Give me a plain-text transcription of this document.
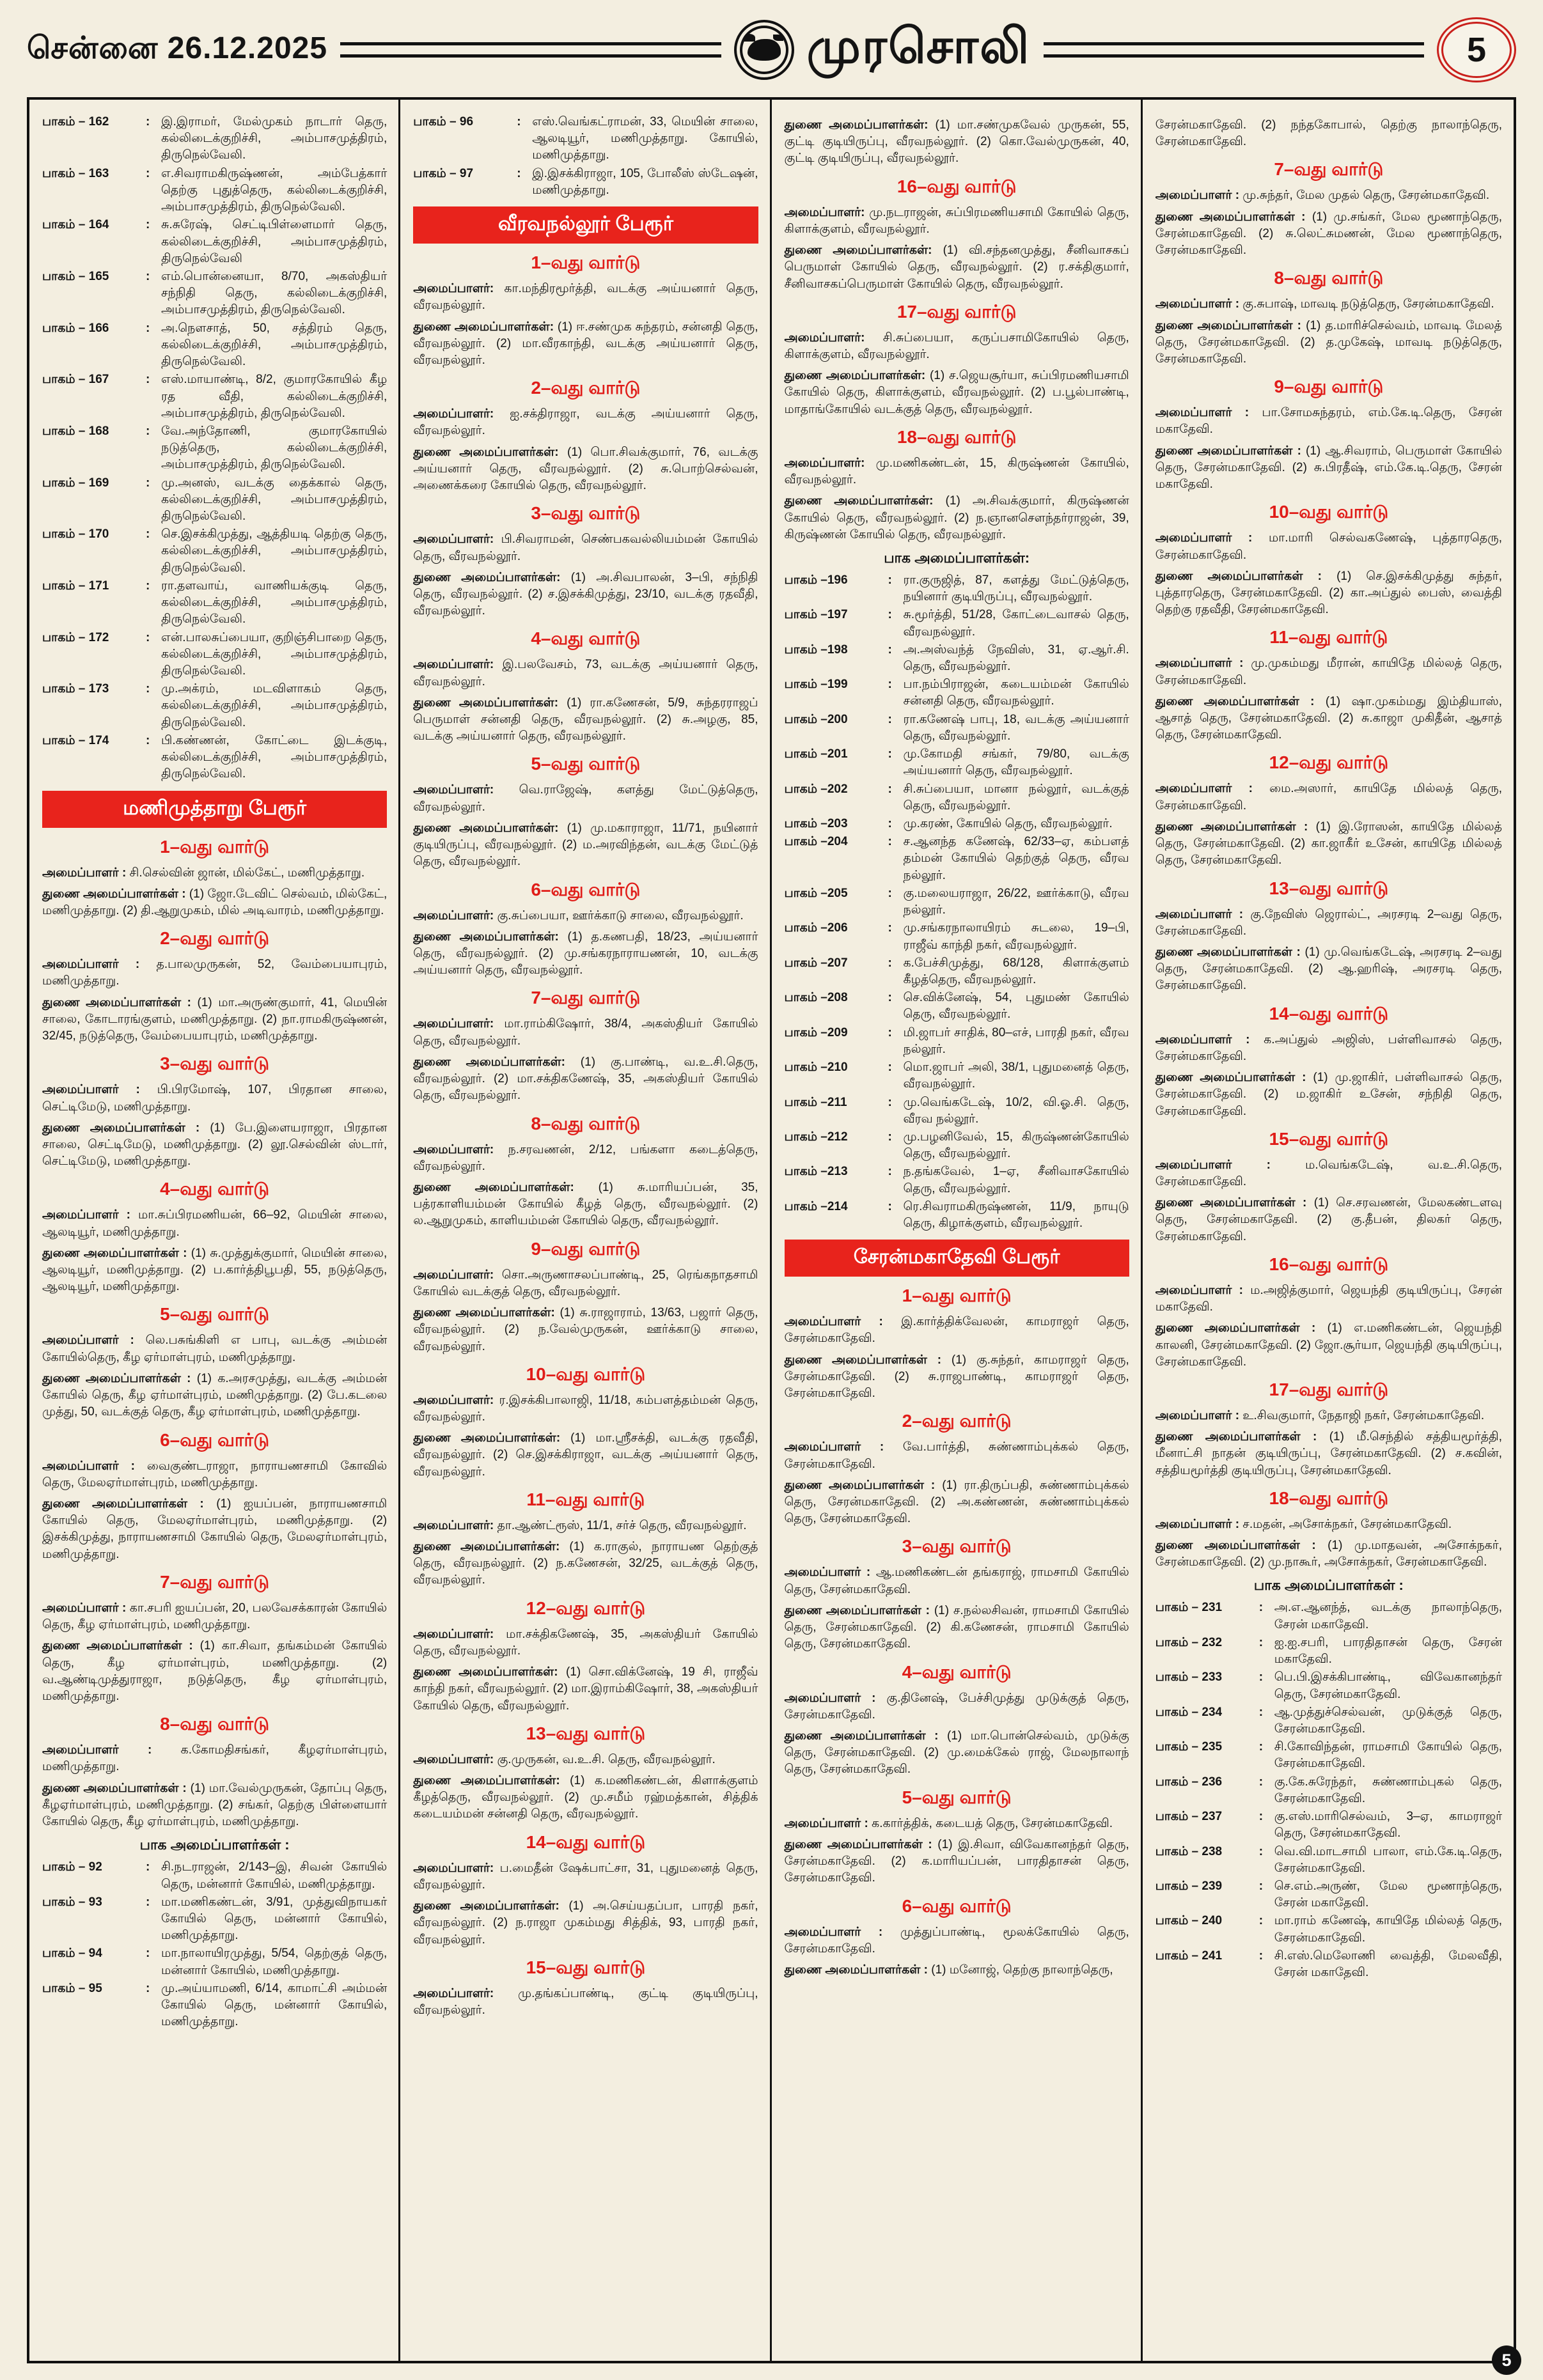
சென்னை 26.12.2025	முரசொலி	5
பாகம் – 162	: இ.இராமர், மேல்முகம் நாடார் தெரு, கல்லிடைக்குறிச்சி, அம்பாசமுத்திரம், திருநெல்வேலி.
பாகம் – 163	: எ.சிவராமகிருஷ்ணன், அம்பேத்கார் தெற்கு புதுத்தெரு, கல்லிடைக்குறிச்சி, அம்பாசமுத்திரம், திருநெல்வேலி.
பாகம் – 164	: சு.சுரேஷ், செட்டிபிள்ளைமார் தெரு, கல்லிடைக்குறிச்சி, அம்பாசமுத்திரம், திருநெல்வேலி
பாகம் – 165	: எம்.பொன்னையா, 8/70, அகஸ்தியர் சந்நிதி தெரு, கல்லிடைக்குறிச்சி, அம்பாசமுத்திரம், திருநெல்வேலி.
பாகம் – 166	: அ.நௌசாத், 50, சத்திரம் தெரு, கல்லிடைக்குறிச்சி, அம்பாசமுத்திரம், திருநெல்வேலி.
பாகம் – 167	: எஸ்.மாயாண்டி, 8/2, குமாரகோயில் கீழ ரத வீதி, கல்லிடைக்குறிச்சி, அம்பாசமுத்திரம், திருநெல்வேலி.
பாகம் – 168	: வே.அந்தோணி, குமாரகோயில் நடுத்தெரு, கல்லிடைக்குறிச்சி, அம்பாசமுத்திரம், திருநெல்வேலி.
பாகம் – 169	: மு.அனஸ், வடக்கு தைக்கால் தெரு, கல்லிடைக்குறிச்சி, அம்பாசமுத்திரம், திருநெல்வேலி.
பாகம் – 170	: செ.இசக்கிமுத்து, ஆத்தியடி தெற்கு தெரு, கல்லிடைக்குறிச்சி, அம்பாசமுத்திரம், திருநெல்வேலி.
பாகம் – 171	: ரா.தளவாய், வாணியக்குடி தெரு, கல்லிடைக்குறிச்சி, அம்பாசமுத்திரம், திருநெல்வேலி.
பாகம் – 172	: என்.பாலசுப்பையா, குறிஞ்சிபாறை தெரு, கல்லிடைக்குறிச்சி, அம்பாசமுத்திரம், திருநெல்வேலி.
பாகம் – 173	: மு.அக்ரம், மடவிளாகம் தெரு, கல்லிடைக்குறிச்சி, அம்பாசமுத்திரம், திருநெல்வேலி.
பாகம் – 174	: பி.கண்ணன், கோட்டை இடக்குடி, கல்லிடைக்குறிச்சி, அம்பாசமுத்திரம், திருநெல்வேலி.
மணிமுத்தாறு பேரூர்
1–வது வார்டு

அமைப்பாளர் : சி.செல்வின் ஜான், மில்கேட், மணிமுத்தாறு.

துணை அமைப்பாளர்கள் : (1) ஜோ.டேவிட் செல்வம், மில்கேட், மணிமுத்தாறு. (2) தி.ஆறுமுகம், மில் அடிவாரம், மணிமுத்தாறு.

2–வது வார்டு

அமைப்பாளர் : த.பாலமுருகன், 52, வேம்பையாபுரம், மணிமுத்தாறு.

துணை அமைப்பாளர்கள் : (1) மா.அருண்குமார், 41, மெயின் சாலை, கோடாரங்குளம், மணிமுத்தாறு. (2) நா.ராமகிருஷ்ணன், 32/45, நடுத்தெரு, வேம்பையாபுரம், மணிமுத்தாறு.

3–வது வார்டு

அமைப்பாளர் : பி.பிரமோஷ், 107, பிரதான சாலை, செட்டிமேடு, மணிமுத்தாறு.

துணை அமைப்பாளர்கள் : (1) பே.இளையராஜா, பிரதான சாலை, செட்டிமேடு, மணிமுத்தாறு. (2) லூ.செல்வின் ஸ்டார், செட்டிமேடு, மணிமுத்தாறு.

4–வது வார்டு

அமைப்பாளர் : மா.சுப்பிரமணியன், 66–92, மெயின் சாலை, ஆலடியூர், மணிமுத்தாறு.

துணை அமைப்பாளர்கள் : (1) சு.முத்துக்குமார், மெயின் சாலை, ஆலடியூர், மணிமுத்தாறு. (2) ப.கார்த்திபூபதி, 55, நடுத்தெரு, ஆலடியூர், மணிமுத்தாறு.

5–வது வார்டு

அமைப்பாளர் : லெ.பசுங்கிளி எ பாபு, வடக்கு அம்மன் கோயில்தெரு, கீழ ஏர்மாள்புரம், மணிமுத்தாறு.

துணை அமைப்பாளர்கள் : (1) க.அரசமுத்து, வடக்கு அம்மன் கோயில் தெரு, கீழ ஏர்மாள்புரம், மணிமுத்தாறு. (2) பே.கடலை முத்து, 50, வடக்குத் தெரு, கீழ ஏர்மாள்புரம், மணிமுத்தாறு.

6–வது வார்டு

அமைப்பாளர் : வைகுண்டராஜா, நாராயணசாமி கோவில் தெரு, மேலஏர்மாள்புரம், மணிமுத்தாறு.

துணை அமைப்பாளர்கள் : (1) ஐயப்பன், நாராயணசாமி கோயில் தெரு, மேலஏர்மாள்புரம், மணிமுத்தாறு. (2) இசக்கிமுத்து, நாராயணசாமி கோயில் தெரு, மேலஏர்மாள்புரம், மணிமுத்தாறு.

7–வது வார்டு

அமைப்பாளர் : கா.சபரி ஐயப்பன், 20, பலவேசக்காரன் கோயில் தெரு, கீழ ஏர்மாள்புரம், மணிமுத்தாறு.

துணை அமைப்பாளர்கள் : (1) கா.சிவா, தங்கம்மன் கோயில் தெரு, கீழ ஏர்மாள்புரம், மணிமுத்தாறு. (2) வ.ஆண்டிமுத்துராஜா, நடுத்தெரு, கீழ ஏர்மாள்புரம், மணிமுத்தாறு.

8–வது வார்டு

அமைப்பாளர் : க.கோமதிசங்கர், கீழஏர்மாள்புரம், மணிமுத்தாறு.

துணை அமைப்பாளர்கள் : (1) மா.வேல்முருகன், தோப்பு தெரு, கீழஏர்மாள்புரம், மணிமுத்தாறு. (2) சங்கர், தெற்கு பிள்ளையார் கோயில் தெரு, கீழ ஏர்மாள்புரம், மணிமுத்தாறு.

பாக அமைப்பாளர்கள் :
பாகம் – 92	: சி.நடராஜன், 2/143–இ, சிவன் கோயில் தெரு, மன்னார் கோயில், மணிமுத்தாறு.
பாகம் – 93	: மா.மணிகண்டன், 3/91, முத்துவிநாயகர் கோயில் தெரு, மன்னார் கோயில், மணிமுத்தாறு.
பாகம் – 94	: மா.நாலாயிரமுத்து, 5/54, தெற்குத் தெரு, மன்னார் கோயில், மணிமுத்தாறு.
பாகம் – 95	: மு.அய்யாமணி, 6/14, காமாட்சி அம்மன் கோயில் தெரு, மன்னார் கோயில், மணிமுத்தாறு.
பாகம் – 96	: எஸ்.வெங்கட்ராமன், 33, மெயின் சாலை, ஆலடியூர், மணிமுத்தாறு. கோயில், மணிமுத்தாறு.
பாகம் – 97	: இ.இசக்கிராஜா, 105, போலீஸ் ஸ்டேஷன், மணிமுத்தாறு.
வீரவநல்லூர் பேரூர்
1–வது வார்டு

அமைப்பாளர்: கா.மந்திரமூர்த்தி, வடக்கு அய்யனார் தெரு, வீரவநல்லூர்.

துணை அமைப்பாளர்கள்: (1) ஈ.சண்முக சுந்தரம், சன்னதி தெரு, வீரவநல்லூர். (2) மா.வீரகாந்தி, வடக்கு அய்யனார் தெரு, வீரவநல்லூர்.

2–வது வார்டு

அமைப்பாளர்: ஐ.சக்திராஜா, வடக்கு அய்யனார் தெரு, வீரவநல்லூர்.

துணை அமைப்பாளர்கள்: (1) பொ.சிவக்குமார், 76, வடக்கு அய்யனார் தெரு, வீரவநல்லூர். (2) சு.பொற்செல்வன், அணைக்கரை கோயில் தெரு, வீரவநல்லூர்.

3–வது வார்டு

அமைப்பாளர்: பி.சிவராமன், செண்பகவல்லியம்மன் கோயில் தெரு, வீரவநல்லூர்.

துணை அமைப்பாளர்கள்: (1) அ.சிவபாலன், 3–பி, சந்நிதி தெரு, வீரவநல்லூர். (2) ச.இசக்கிமுத்து, 23/10, வடக்கு ரதவீதி, வீரவநல்லூர்.

4–வது வார்டு

அமைப்பாளர்: இ.பலவேசம், 73, வடக்கு அய்யனார் தெரு, வீரவநல்லூர்.

துணை அமைப்பாளர்கள்: (1) ரா.கணேசன், 5/9, சுந்தரராஜப் பெருமாள் சன்னதி தெரு, வீரவநல்லூர். (2) சு.அழகு, 85, வடக்கு அய்யனார் தெரு, வீரவநல்லூர்.

5–வது வார்டு

அமைப்பாளர்: வெ.ராஜேஷ், களத்து மேட்டுத்தெரு, வீரவநல்லூர்.

துணை அமைப்பாளர்கள்: (1) மு.மகாராஜா, 11/71, நயினார் குடியிருப்பு, வீரவநல்லூர். (2) ம.அரவிந்தன், வடக்கு மேட்டுத் தெரு, வீரவநல்லூர்.

6–வது வார்டு

அமைப்பாளர்: கு.சுப்பையா, ஊர்க்காடு சாலை, வீரவநல்லூர்.

துணை அமைப்பாளர்கள்: (1) த.கணபதி, 18/23, அய்யனார் தெரு, வீரவநல்லூர். (2) மு.சங்கரநாராயணன், 10, வடக்கு அய்யனார் தெரு, வீரவநல்லூர்.

7–வது வார்டு

அமைப்பாளர்: மா.ராம்கிஷோர், 38/4, அகஸ்தியர் கோயில் தெரு, வீரவநல்லூர்.

துணை அமைப்பாளர்கள்: (1) கு.பாண்டி, வ.உ.சி.தெரு, வீரவநல்லூர். (2) மா.சக்திகணேஷ், 35, அகஸ்தியர் கோயில் தெரு, வீரவநல்லூர்.

8–வது வார்டு

அமைப்பாளர்: ந.சரவணன், 2/12, பங்களா கடைத்தெரு, வீரவநல்லூர்.

துணை அமைப்பாளர்கள்: (1) சு.மாரியப்பன், 35, பத்ரகாளியம்மன் கோயில் கீழத் தெரு, வீரவநல்லூர். (2) ல.ஆறுமுகம், காளியம்மன் கோயில் தெரு, வீரவநல்லூர்.

9–வது வார்டு

அமைப்பாளர்: சொ.அருணாசலப்பாண்டி, 25, ரெங்கநாதசாமி கோயில் வடக்குத் தெரு, வீரவநல்லூர்.

துணை அமைப்பாளர்கள்: (1) சு.ராஜாராம், 13/63, பஜார் தெரு, வீரவநல்லூர். (2) ந.வேல்முருகன், ஊர்க்காடு சாலை, வீரவநல்லூர்.

10–வது வார்டு

அமைப்பாளர்: ர.இசக்கிபாலாஜி, 11/18, கம்பளத்தம்மன் தெரு, வீரவநல்லூர்.

துணை அமைப்பாளர்கள்: (1) மா.ஸ்ரீசக்தி, வடக்கு ரதவீதி, வீரவநல்லூர். (2) செ.இசக்கிராஜா, வடக்கு அய்யனார் தெரு, வீரவநல்லூர்.

11–வது வார்டு

அமைப்பாளர்: தா.ஆண்ட்ரூஸ், 11/1, சர்ச் தெரு, வீரவநல்லூர்.

துணை அமைப்பாளர்கள்: (1) க.ராகுல், நாராயண தெற்குத் தெரு, வீரவநல்லூர். (2) ந.கணேசன், 32/25, வடக்குத் தெரு, வீரவநல்லூர்.

12–வது வார்டு

அமைப்பாளர்: மா.சக்திகணேஷ், 35, அகஸ்தியர் கோயில் தெரு, வீரவநல்லூர்.

துணை அமைப்பாளர்கள்: (1) சொ.விக்னேஷ், 19 சி, ராஜீவ் காந்தி நகர், வீரவநல்லூர். (2) மா.இராம்கிஷோர், 38, அகஸ்தியர் கோயில் தெரு, வீரவநல்லூர்.

13–வது வார்டு

அமைப்பாளர்: கு.முருகன், வ.உ.சி. தெரு, வீரவநல்லூர்.

துணை அமைப்பாளர்கள்: (1) க.மணிகண்டன், கிளாக்குளம் கீழத்தெரு, வீரவநல்லூர். (2) மு.சமீம் ரஹ்மத்கான், சித்திக் கடையம்மன் சன்னதி தெரு, வீரவநல்லூர்.

14–வது வார்டு

அமைப்பாளர்: ப.மைதீன் ஷேக்பாட்சா, 31, புதுமனைத் தெரு, வீரவநல்லூர்.

துணை அமைப்பாளர்கள்: (1) அ.செய்யதப்பா, பாரதி நகர், வீரவநல்லூர். (2) ந.ராஜா முகம்மது சித்திக், 93, பாரதி நகர், வீரவநல்லூர்.

15–வது வார்டு

அமைப்பாளர்: மு.தங்கப்பாண்டி, குட்டி குடியிருப்பு, வீரவநல்லூர்.

துணை அமைப்பாளர்கள்: (1) மா.சண்முகவேல் முருகன், 55, குட்டி குடியிருப்பு, வீரவநல்லூர். (2) கொ.வேல்முருகன், 40, குட்டி குடியிருப்பு, வீரவநல்லூர்.

16–வது வார்டு

அமைப்பாளர்: மு.நடராஜன், சுப்பிரமணியசாமி கோயில் தெரு, கிளாக்குளம், வீரவநல்லூர்.

துணை அமைப்பாளர்கள்: (1) வி.சந்தனமுத்து, சீனிவாசகப் பெருமாள் கோயில் தெரு, வீரவநல்லூர். (2) ர.சக்திகுமார், சீனிவாசகப்பெருமாள் கோயில் தெரு, வீரவநல்லூர்.

17–வது வார்டு

அமைப்பாளர்: சி.சுப்பையா, கருப்பசாமிகோயில் தெரு, கிளாக்குளம், வீரவநல்லூர்.

துணை அமைப்பாளர்கள்: (1) ச.ஜெயசூர்யா, சுப்பிரமணியசாமி கோயில் தெரு, கிளாக்குளம், வீரவநல்லூர். (2) ப.பூல்பாண்டி, மாதாங்கோயில் வடக்குத் தெரு, வீரவநல்லூர்.

18–வது வார்டு

அமைப்பாளர்: மு.மணிகண்டன், 15, கிருஷ்ணன் கோயில், வீரவநல்லூர்.

துணை அமைப்பாளர்கள்: (1) அ.சிவக்குமார், கிருஷ்ணன் கோயில் தெரு, வீரவநல்லூர். (2) ந.ஞானசௌந்தர்ராஜன், 39, கிருஷ்ணன் கோயில் தெரு, வீரவநல்லூர்.

பாக அமைப்பாளர்கள்:
பாகம் –196	: ரா.குருஜித், 87, களத்து மேட்டுத்தெரு, நயினார் குடியிருப்பு, வீரவநல்லூர்.
பாகம் –197	: சு.மூர்த்தி, 51/28, கோட்டைவாசல் தெரு, வீரவநல்லூர்.
பாகம் –198	: அ.அஸ்வந்த் நேவிஸ், 31, ஏ.ஆர்.சி. தெரு, வீரவநல்லூர்.
பாகம் –199	: பா.நம்பிராஜன், கடையம்மன் கோயில் சன்னதி தெரு, வீரவநல்லூர்.
பாகம் –200	: ரா.கணேஷ் பாபு, 18, வடக்கு அய்யனார் தெரு, வீரவநல்லூர்.
பாகம் –201	: மு.கோமதி சங்கர், 79/80, வடக்கு அய்யனார் தெரு, வீரவநல்லூர்.
பாகம் –202	: சி.சுப்பையா, மானா நல்லூர், வடக்குத் தெரு, வீரவநல்லூர்.
பாகம் –203	: மு.கரண், கோயில் தெரு, வீரவநல்லூர்.
பாகம் –204	: ச.ஆனந்த கணேஷ், 62/33–ஏ, கம்பளத் தம்மன் கோயில் தெற்குத் தெரு, வீரவ நல்லூர்.
பாகம் –205	: கு.மலையராஜா, 26/22, ஊர்க்காடு, வீரவ நல்லூர்.
பாகம் –206	: மு.சங்கரநாலாயிரம் சுடலை, 19–பி, ராஜீவ் காந்தி நகர், வீரவநல்லூர்.
பாகம் –207	: க.பேச்சிமுத்து, 68/128, கிளாக்குளம் கீழத்தெரு, வீரவநல்லூர்.
பாகம் –208	: செ.விக்னேஷ், 54, புதுமண் கோயில் தெரு, வீரவநல்லூர்.
பாகம் –209	: மி.ஜாபர் சாதிக், 80–எச், பாரதி நகர், வீரவ நல்லூர்.
பாகம் –210	: மொ.ஜாபர் அலி, 38/1, புதுமனைத் தெரு, வீரவநல்லூர்.
பாகம் –211	: மு.வெங்கடேஷ், 10/2, வி.ஓ.சி. தெரு, வீரவ நல்லூர்.
பாகம் –212	: மு.பழனிவேல், 15, கிருஷ்ணன்கோயில் தெரு, வீரவநல்லூர்.
பாகம் –213	: ந.தங்கவேல், 1–ஏ, சீனிவாசகோயில் தெரு, வீரவநல்லூர்.
பாகம் –214	: ரெ.சிவராமகிருஷ்ணன், 11/9, நாயுடு தெரு, கிழாக்குளம், வீரவநல்லூர்.
சேரன்மகாதேவி பேரூர்
1–வது வார்டு

அமைப்பாளர் : இ.கார்த்திக்வேலன், காமராஜர் தெரு, சேரன்மகாதேவி.

துணை அமைப்பாளர்கள் : (1) கு.சுந்தர், காமராஜர் தெரு, சேரன்மகாதேவி. (2) சு.ராஜபாண்டி, காமராஜர் தெரு, சேரன்மகாதேவி.

2–வது வார்டு

அமைப்பாளர் : வே.பார்த்தி, சுண்ணாம்புக்கல் தெரு, சேரன்மகாதேவி.

துணை அமைப்பாளர்கள் : (1) ரா.திருப்பதி, சுண்ணாம்புக்கல் தெரு, சேரன்மகாதேவி. (2) அ.கண்ணன், சுண்ணாம்புக்கல் தெரு, சேரன்மகாதேவி.

3–வது வார்டு

அமைப்பாளர் : ஆ.மணிகண்டன் தங்கராஜ், ராமசாமி கோயில் தெரு, சேரன்மகாதேவி.

துணை அமைப்பாளர்கள் : (1) ச.நல்லசிவன், ராமசாமி கோயில் தெரு, சேரன்மகாதேவி. (2) கி.கணேசன், ராமசாமி கோயில் தெரு, சேரன்மகாதேவி.

4–வது வார்டு

அமைப்பாளர் : கு.தினேஷ், பேச்சிமுத்து முடுக்குத் தெரு, சேரன்மகாதேவி.

துணை அமைப்பாளர்கள் : (1) மா.பொன்செல்வம், முடுக்கு தெரு, சேரன்மகாதேவி. (2) மு.மைக்கேல் ராஜ், மேலநாலாந் தெரு, சேரன்மகாதேவி.

5–வது வார்டு

அமைப்பாளர் : க.கார்த்திக், கடையத் தெரு, சேரன்மகாதேவி.

துணை அமைப்பாளர்கள் : (1) இ.சிவா, விவேகானந்தர் தெரு, சேரன்மகாதேவி. (2) க.மாரியப்பன், பாரதிதாசன் தெரு, சேரன்மகாதேவி.

6–வது வார்டு

அமைப்பாளர் : முத்துப்பாண்டி, மூலக்கோயில் தெரு, சேரன்மகாதேவி.

துணை அமைப்பாளர்கள் : (1) மனோஜ், தெற்கு நாலாந்தெரு,

சேரன்மகாதேவி. (2) நந்தகோபால், தெற்கு நாலாந்தெரு, சேரன்மகாதேவி.

7–வது வார்டு

அமைப்பாளர் : மு.சுந்தர், மேல முதல் தெரு, சேரன்மகாதேவி.

துணை அமைப்பாளர்கள் : (1) மு.சங்கர், மேல மூணாந்தெரு, சேரன்மகாதேவி. (2) சு.லெட்சுமணன், மேல மூணாந்தெரு, சேரன்மகாதேவி.

8–வது வார்டு

அமைப்பாளர் : கு.சுபாஷ், மாவடி நடுத்தெரு, சேரன்மகாதேவி.

துணை அமைப்பாளர்கள் : (1) த.மாரிச்செல்வம், மாவடி மேலத் தெரு, சேரன்மகாதேவி. (2) த.முகேஷ், மாவடி நடுத்தெரு, சேரன்மகாதேவி.

9–வது வார்டு

அமைப்பாளர் : பா.சோமசுந்தரம், எம்.கே.டி.தெரு, சேரன் மகாதேவி.

துணை அமைப்பாளர்கள் : (1) ஆ.சிவராம், பெருமாள் கோயில் தெரு, சேரன்மகாதேவி. (2) சு.பிரதீஷ், எம்.கே.டி.தெரு, சேரன் மகாதேவி.

10–வது வார்டு

அமைப்பாளர் : மா.மாரி செல்வகணேஷ், புத்தாரதெரு, சேரன்மகாதேவி.

துணை அமைப்பாளர்கள் : (1) செ.இசக்கிமுத்து சுந்தர், புத்தாரதெரு, சேரன்மகாதேவி. (2) கா.அப்துல் பைஸ், வைத்தி தெற்கு ரதவீதி, சேரன்மகாதேவி.

11–வது வார்டு

அமைப்பாளர் : மு.முகம்மது மீரான், காயிதே மில்லத் தெரு, சேரன்மகாதேவி.

துணை அமைப்பாளர்கள் : (1) ஷா.முகம்மது இம்தியாஸ், ஆசாத் தெரு, சேரன்மகாதேவி. (2) சு.காஜா முகிதீன், ஆசாத் தெரு, சேரன்மகாதேவி.

12–வது வார்டு

அமைப்பாளர் : மை.அஸார், காயிதே மில்லத் தெரு, சேரன்மகாதேவி.

துணை அமைப்பாளர்கள் : (1) இ.ரோஸன், காயிதே மில்லத் தெரு, சேரன்மகாதேவி. (2) கா.ஜாகீர் உசேன், காயிதே மில்லத் தெரு, சேரன்மகாதேவி.

13–வது வார்டு

அமைப்பாளர் : கு.நேவிஸ் ஜெரால்ட், அரசரடி 2–வது தெரு, சேரன்மகாதேவி.

துணை அமைப்பாளர்கள் : (1) மு.வெங்கடேஷ், அரசரடி 2–வது தெரு, சேரன்மகாதேவி. (2) ஆ.ஹரிஷ், அரசரடி தெரு, சேரன்மகாதேவி.

14–வது வார்டு

அமைப்பாளர் : க.அப்துல் அஜிஸ், பள்ளிவாசல் தெரு, சேரன்மகாதேவி.

துணை அமைப்பாளர்கள் : (1) மு.ஜாகிர், பள்ளிவாசல் தெரு, சேரன்மகாதேவி. (2) ம.ஜாகிர் உசேன், சந்நிதி தெரு, சேரன்மகாதேவி.

15–வது வார்டு

அமைப்பாளர் :	ம.வெங்கடேஷ், வ.உ.சி.தெரு, சேரன்மகாதேவி.

துணை அமைப்பாளர்கள் : (1) செ.சரவணன், மேலகண்டளவு தெரு, சேரன்மகாதேவி. (2) கு.தீபன், திலகர் தெரு, சேரன்மகாதேவி.

16–வது வார்டு

அமைப்பாளர் : ம.அஜித்குமார், ஜெயந்தி குடியிருப்பு, சேரன் மகாதேவி.

துணை அமைப்பாளர்கள் : (1) எ.மணிகண்டன், ஜெயந்தி காலனி, சேரன்மகாதேவி. (2) ஜோ.சூர்யா, ஜெயந்தி குடியிருப்பு, சேரன்மகாதேவி.

17–வது வார்டு

அமைப்பாளர் : உ.சிவகுமார், நேதாஜி நகர், சேரன்மகாதேவி.

துணை அமைப்பாளர்கள் : (1) மீ.செந்தில் சத்தியமூர்த்தி, மீனாட்சி நாதன் குடியிருப்பு, சேரன்மகாதேவி. (2) ச.கவின், சத்தியமூர்த்தி குடியிருப்பு, சேரன்மகாதேவி.

18–வது வார்டு

அமைப்பாளர் : ச.மதன், அசோக்நகர், சேரன்மகாதேவி.

துணை அமைப்பாளர்கள் : (1) மு.மாதவன், அசோக்நகர், சேரன்மகாதேவி. (2) மு.நாகூர், அசோக்நகர், சேரன்மகாதேவி.

பாக அமைப்பாளர்கள் :
பாகம் – 231	: அ.எ.ஆனந்த், வடக்கு நாலாந்தெரு, சேரன் மகாதேவி.
பாகம் – 232	: ஐ.ஐ.சபரி, பாரதிதாசன் தெரு, சேரன் மகாதேவி.
பாகம் – 233	: பெ.பி.இசக்கிபாண்டி, விவேகானந்தர் தெரு, சேரன்மகாதேவி.
பாகம் – 234	: ஆ.முத்துச்செல்வன், முடுக்குத் தெரு, சேரன்மகாதேவி.
பாகம் – 235	: சி.கோவிந்தன், ராமசாமி கோயில் தெரு, சேரன்மகாதேவி.
பாகம் – 236	: கு.கே.சுரேந்தர், சுண்ணாம்புகல் தெரு, சேரன்மகாதேவி.
பாகம் – 237	: கு.எஸ்.மாரிசெல்வம், 3–ஏ, காமராஜர் தெரு, சேரன்மகாதேவி.
பாகம் – 238	: வெ.வி.மாடசாமி பாலா, எம்.கே.டி.தெரு, சேரன்மகாதேவி.
பாகம் – 239	: செ.எம்.அருண், மேல மூணாந்தெரு, சேரன் மகாதேவி.
பாகம் – 240	: மா.ராம் கணேஷ், காயிதே மில்லத் தெரு, சேரன்மகாதேவி.
பாகம் – 241	: சி.எஸ்.மெலோணி வைத்தி, மேலவீதி, சேரன் மகாதேவி.
5
